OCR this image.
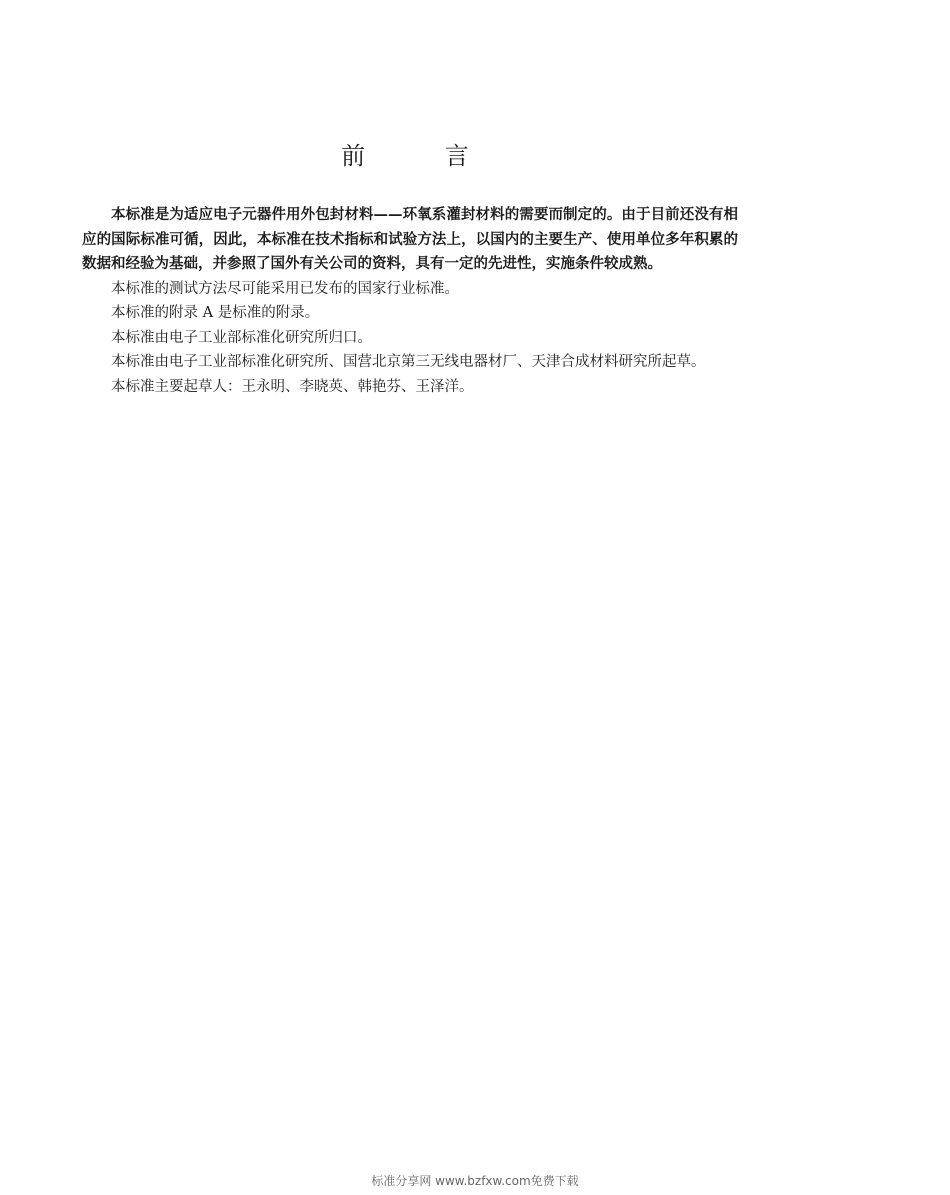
前 言

本标准是为适应电子元器件用外包封材料——环氧系灌封材料的需要而制定的。由于目前还没有相应的国际标准可循，因此，本标准在技术指标和试验方法上，以国内的主要生产、使用单位多年积累的数据和经验为基础，并参照了国外有关公司的资料，具有一定的先进性，实施条件较成熟。

本标准的测试方法尽可能采用已发布的国家行业标准。

本标准的附录 A 是标准的附录。

本标准由电子工业部标准化研究所归口。

本标准由电子工业部标准化研究所、国营北京第三无线电器材厂、天津合成材料研究所起草。

本标准主要起草人：王永明、李晓英、韩艳芬、王泽洋。

标准分享网 www.bzfxw.com免费下载
